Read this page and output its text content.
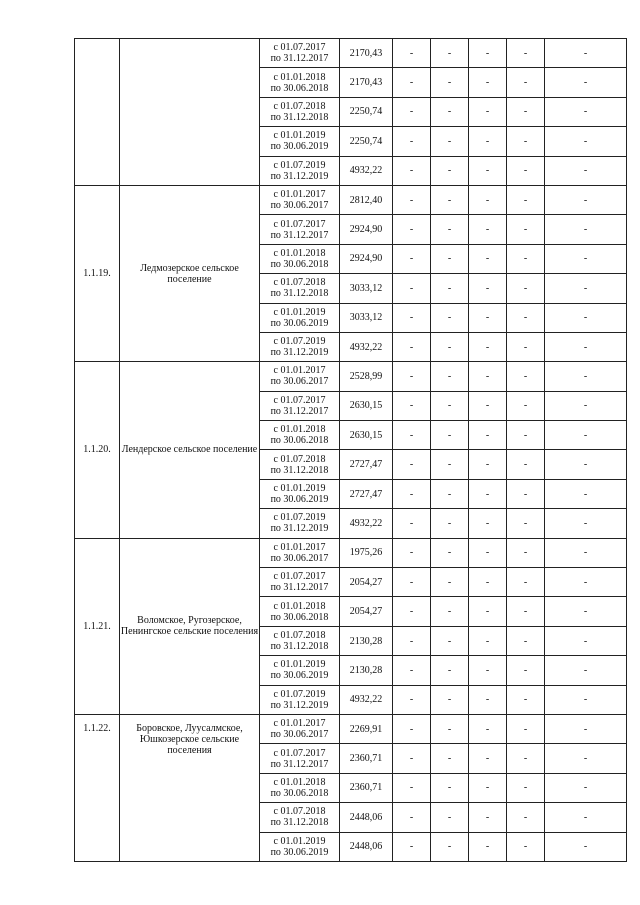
		с 01.07.2017
по 31.12.2017	2170,43	-	-	-	-	-
		с 01.01.2018
по 30.06.2018	2170,43	-	-	-	-	-
		с 01.07.2018
по 31.12.2018	2250,74	-	-	-	-	-
		с 01.01.2019
по 30.06.2019	2250,74	-	-	-	-	-
		с 01.07.2019
по 31.12.2019	4932,22	-	-	-	-	-
1.1.19.	Ледмозерское сельское поселение	с 01.01.2017
по 30.06.2017	2812,40	-	-	-	-	-
		с 01.07.2017
по 31.12.2017	2924,90	-	-	-	-	-
		с 01.01.2018
по 30.06.2018	2924,90	-	-	-	-	-
		с 01.07.2018
по 31.12.2018	3033,12	-	-	-	-	-
		с 01.01.2019
по 30.06.2019	3033,12	-	-	-	-	-
		с 01.07.2019
по 31.12.2019	4932,22	-	-	-	-	-
1.1.20.	Лендерское сельское поселение	с 01.01.2017
по 30.06.2017	2528,99	-	-	-	-	-
		с 01.07.2017
по 31.12.2017	2630,15	-	-	-	-	-
		с 01.01.2018
по 30.06.2018	2630,15	-	-	-	-	-
		с 01.07.2018
по 31.12.2018	2727,47	-	-	-	-	-
		с 01.01.2019
по 30.06.2019	2727,47	-	-	-	-	-
		с 01.07.2019
по 31.12.2019	4932,22	-	-	-	-	-
1.1.21.	Воломское, Ругозерское, Пенингское сельские поселения	с 01.01.2017
по 30.06.2017	1975,26	-	-	-	-	-
		с 01.07.2017
по 31.12.2017	2054,27	-	-	-	-	-
		с 01.01.2018
по 30.06.2018	2054,27	-	-	-	-	-
		с 01.07.2018
по 31.12.2018	2130,28	-	-	-	-	-
		с 01.01.2019
по 30.06.2019	2130,28	-	-	-	-	-
		с 01.07.2019
по 31.12.2019	4932,22	-	-	-	-	-
1.1.22.	Боровское, Луусалмское, Юшкозерское сельские поселения	с 01.01.2017
по 30.06.2017	2269,91	-	-	-	-	-
		с 01.07.2017
по 31.12.2017	2360,71	-	-	-	-	-
		с 01.01.2018
по 30.06.2018	2360,71	-	-	-	-	-
		с 01.07.2018
по 31.12.2018	2448,06	-	-	-	-	-
		с 01.01.2019
по 30.06.2019	2448,06	-	-	-	-	-
